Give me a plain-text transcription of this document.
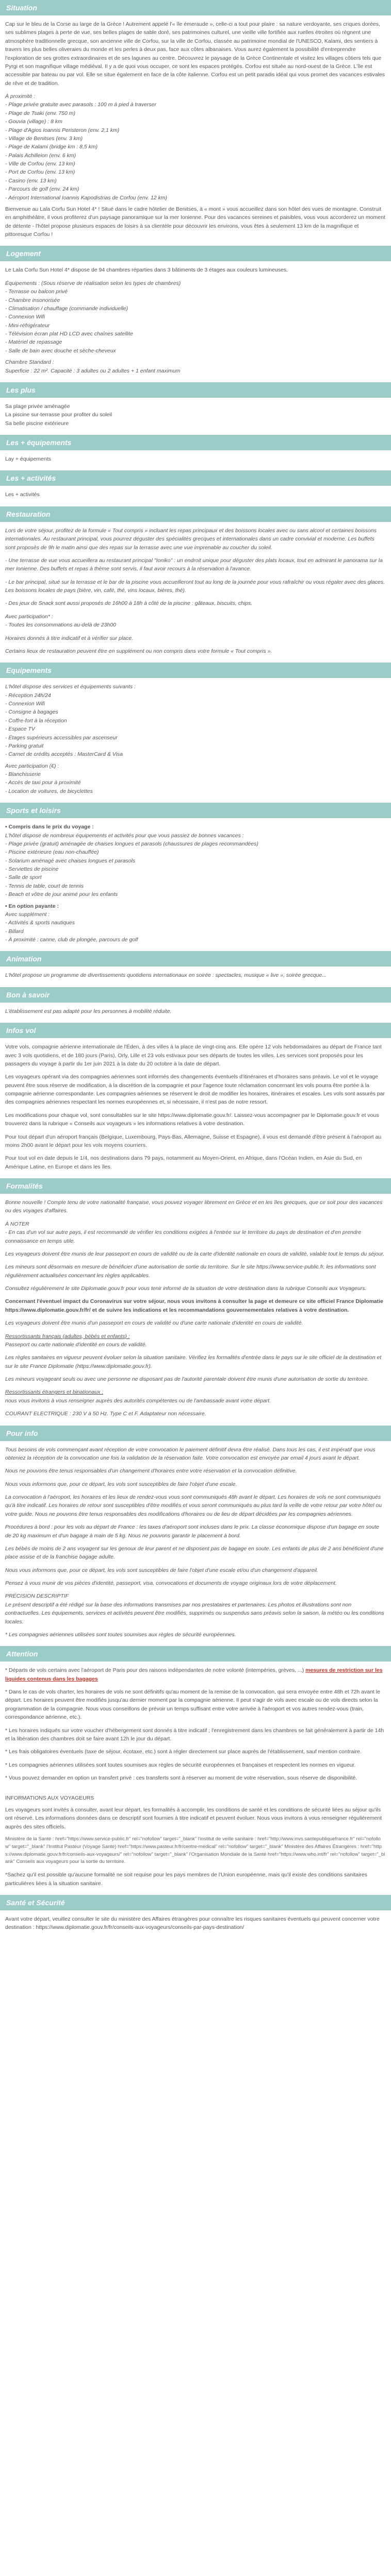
Situation

Cap sur le bleu de la Corse au large de la Grèce ! Autrement appelé l'« île émeraude », celle-ci a tout pour plaire : sa nature verdoyante, ses criques dorées, ses sublimes plages à perte de vue, ses belles plages de sable doré, ses patrimoines culturel, une vieille ville fortifiée aux ruelles étroites où règnent une atmosphère traditionnelle grecque, son ancienne ville de Corfou, sur la ville de Corfou, classée au patrimoine mondial de l'UNESCO, Kalami, des sentiers à travers les plus belles oliveraies du monde et les perles à deux pas, face aux côtes albanaises. Vous aurez également la possibilité d'entreprendre l'exploration de ses grottes extraordinaires et de ses lagunes au centre. Découvrez le paysage de la Grèce Continentale et visitez les villages côtiers tels que Pyrgi et son magnifique village médiéval. Il y a de quoi vous occuper, ce sont les espaces protégés. Corfou est située au nord-ouest de la Grèce. L'île est accessible par bateau ou par vol. Elle se situe également en face de la côte italienne. Corfou est un petit paradis idéal qui vous promet des vacances estivales de rêve et de tradition.

À proximité :
- Plage privée gratuite avec parasols : 100 m à pied à traverser
- Plage de Tsaki (env. 750 m)
- Gouvia (village) : 8 km
- Plage d'Agios Ioannis Peristeron (env. 2,1 km)
- Village de Benitses (env. 3 km)
- Plage de Kalami (bridge km : 8,5 km)
- Palais Achilleion (env. 6 km)
- Ville de Corfou (env. 13 km)
- Port de Corfou (env. 13 km)
- Casino (env. 13 km)
- Parcours de golf (env. 24 km)
- Aéroport International Ioannis Kapodistrias de Corfou (env. 12 km)

Bienvenue au Lala Corfu Sun Hotel 4* ! Situé dans le cadre hôtelier de Benitses, à « mont » vous accueillez dans son hôtel des vues de montagne. Construit en amphithéâtre, il vous profiterez d'un paysage panoramique sur la mer Ionienne. Pour des vacances sereines et paisibles, vous vous accorderez un moment de détente - l'hôtel propose plusieurs espaces de loisirs à sa clientèle pour découvrir les environs, vous êtes à seulement 13 km de la magnifique et pittoresque Corfou !

Logement

Le Lala Corfu Sun Hotel 4* dispose de 94 chambres réparties dans 3 bâtiments de 3 étages aux couleurs lumineuses.

Équipements : (Sous réserve de réalisation selon les types de chambres)
- Terrasse ou balcon privé
- Chambre insonorisée
- Climatisation / chauffage (commande individuelle)
- Connexion Wifi
- Mini-réfrigérateur
- Télévision écran plat HD LCD avec chaînes satellite
- Matériel de repassage
- Salle de bain avec douche et sèche-cheveux
Chambre Standard :
Superficie : 22 m². Capacité : 3 adultes ou 2 adultes + 1 enfant maximum
Les plus
Sa plage privée aménagée
La piscine sur-terrasse pour profiter du soleil
Sa belle piscine extérieure
Les + équipements

Lay + équipements

Les + activités

Les + activités

Restauration

Lors de votre séjour, profitez de la formule « Tout compris » incluant les repas principaux et des boissons locales avec ou sans alcool et certaines boissons internationales. Au restaurant principal, vous pourrez déguster des spécialités grecques et internationales dans un cadre convivial et moderne. Les buffets sont proposés de 9h le matin ainsi que des repas sur la terrasse avec une vue imprenable au coucher du soleil.

- Une terrasse de vue vous accueillera au restaurant principal "Ioniko" : un endroit unique pour déguster des plats locaux, tout en admirant le panorama sur la mer Ionienne. Des buffets et repas à thème sont servis, il faut avoir recours à la réservation à l'avance.

- Le bar principal, situé sur la terrasse et le bar de la piscine vous accueilleront tout au long de la journée pour vous rafraîchir ou vous régaler avec des glaces. Les boissons locales de pays (bière, vin, café, thé, vins locaux, bières, thé).

- Des jeux de Snack sont aussi proposés de 16h00 à 18h à côté de la piscine : gâteaux, biscuits, chips.

Avec participation* :

- Toutes les consommations au-delà de 23h00

Horaires donnés à titre indicatif et à vérifier sur place.

Certains lieux de restauration peuvent être en supplément ou non compris dans votre formule « Tout compris ».

Equipements
L'hôtel dispose des services et équipements suivants :
- Réception 24h/24
- Connexion Wifi
- Consigne à bagages
- Coffre-fort à la réception
- Espace TV
- Étages supérieurs accessibles par ascenseur
- Parking gratuit
- Carnet de crédits acceptés : MasterCard & Visa
Avec participation (€) :
- Blanchisserie
- Accès de taxi pour à proximité
- Location de voitures, de bicyclettes
Sports et loisirs
• Compris dans le prix du voyage :
L'hôtel dispose de nombreux équipements et activités pour que vous passiez de bonnes vacances :
- Plage privée (gratuit) aménagée de chaises longues et parasols (chaussures de plages recommandées)
- Piscine extérieure (eau non-chauffée)
- Solarium aménagé avec chaises longues et parasols
- Serviettes de piscine
- Salle de sport
- Tennis de table, court de tennis
- Beach et vôtre de jour animé pour les enfants
• En option payante :
Avec supplément :
- Activités & sports nautiques
- Billard
- À proximité : canne, club de plongée, parcours de golf
Animation

L'hôtel propose un programme de divertissements quotidiens internationaux en soirée : spectacles, musique « live », soirée grecque...

Bon à savoir

L'établissement est pas adapté pour les personnes à mobilité réduite.

Infos vol

Votre vols, compagnie aérienne internationale de l'Éden, à des villes à la place de vingt-cinq ans. Elle opère 12 vols hebdomadaires au départ de France tant avec 3 vols quotidiens, et de 180 jours (Paris), Orly, Lille et 23 vols estivaux pour ses départs de toutes les villes. Les services sont proposés pour les passagers du voyage à partir du 1er juin 2021 à la date du 20 octobre à la date de départ.

Les voyageurs opérant via des compagnies aériennes sont informés des changements éventuels d'itinéraires et d'horaires sans préavis. Le vol et le voyage peuvent être sous réserve de modification, à la discrétion de la compagnie et pour l'agence toute réclamation concernant les vols pourra être portée à la compagnie aérienne correspondante. Les compagnies aériennes se réservent le droit de modifier les horaires, itinéraires et escales. Les vols sont assurés par des compagnies aériennes respectant les normes européennes et, si nécessaire, il n'est pas de notre ressort.

Les modifications pour chaque vol, sont consultables sur le site https://www.diplomatie.gouv.fr/. Laissez-vous accompagner par le Diplomatie.gouv.fr et vous trouverez dans la rubrique « Conseils aux voyageurs » les informations relatives à votre destination.

Pour tout départ d'un aéroport français (Belgique, Luxembourg, Pays-Bas, Allemagne, Suisse et Espagne), il vous est demandé d'être présent à l'aéroport au moins 2h00 avant le départ pour les vols moyens courriers.

Pour tout vol en date depuis le 1/4, nos destinations dans 79 pays, notamment au Moyen-Orient, en Afrique, dans l'Océan Indien, en Asie du Sud, en Amérique Latine, en Europe et dans les îles.

Formalités

Bonne nouvelle ! Compte tenu de votre nationalité française, vous pouvez voyager librement en Grèce et en les îles grecques, que ce soit pour des vacances ou des voyages d'affaires.

À NOTER

- En cas d'un vol sur autre pays, il est recommandé de vérifier les conditions exigées à l'entrée sur le territoire du pays de destination et d'en prendre connaissance en temps utile.

Les voyageurs doivent être munis de leur passeport en cours de validité ou de la carte d'identité nationale en cours de validité, valable tout le temps du séjour.

Les mineurs sont désormais en mesure de bénéficier d'une autorisation de sortie du territoire. Sur le site https://www.service-public.fr, les informations sont régulièrement actualisées concernant les règles applicables.

Consultez régulièrement le site Diplomatie.gouv.fr pour vous tenir informé de la situation de votre destination dans la rubrique Conseils aux Voyageurs.

Concernant l'éventuel impact du Coronavirus sur votre séjour, nous vous invitons à consulter la page et demeure ce site officiel France Diplomatie https://www.diplomatie.gouv.fr/fr/ et de suivre les indications et les recommandations gouvernementales relatives à votre destination.

Les voyageurs doivent être munis d'un passeport en cours de validité ou d'une carte nationale d'identité en cours de validité.

Ressortissants français (adultes, bébés et enfants) :

Passeport ou carte nationale d'identité en cours de validité.

Les règles sanitaires en vigueur peuvent évoluer selon la situation sanitaire. Vérifiez les formalités d'entrée dans le pays sur le site officiel de la destination et sur le site France Diplomatie (https://www.diplomatie.gouv.fr).

Les mineurs voyageant seuls ou avec une personne ne disposant pas de l'autorité parentale doivent être munis d'une autorisation de sortie du territoire.

Ressortissants étrangers et binationaux :

nous vous invitons à vous renseigner auprès des autorités compétentes ou de l'ambassade avant votre départ.

COURANT ELECTRIQUE : 230 V à 50 Hz. Type C et F. Adaptateur non nécessaire.

Pour info

Tous besoins de vols commençant avant réception de votre convocation le paiement définitif devra être réalisé. Dans tous les cas, il est impératif que vous obteniez la réception de la convocation une fois la validation de la réservation faite. Votre convocation est envoyée par email 4 jours avant le départ.

Nous ne pouvons être tenus responsables d'un changement d'horaires entre votre réservation et la convocation définitive.

Nous vous informons que, pour ce départ, les vols sont susceptibles de faire l'objet d'une escale.

La convocation à l'aéroport, les horaires et les lieux de rendez-vous vous sont communiqués 48h avant le départ. Les horaires de vols ne sont communiqués qu'à titre indicatif. Les horaires de retour sont susceptibles d'être modifiés et vous seront communiqués au plus tard la veille de votre retour par votre hôtel ou votre guide. Nous ne pouvons être tenus responsables des modifications d'horaires ou de lieu de départ décidées par les compagnies aériennes.

Procédures à bord : pour les vols au départ de France : les taxes d'aéroport sont incluses dans le prix. La classe économique dispose d'un bagage en soute de 20 kg maximum et d'un bagage à main de 5 kg. Nous ne pouvons garantir le placement à bord.

Les bébés de moins de 2 ans voyagent sur les genoux de leur parent et ne disposent pas de bagage en soute. Les enfants de plus de 2 ans bénéficient d'une place assise et de la franchise bagage adulte.

Nous vous informons que, pour ce départ, les vols sont susceptibles de faire l'objet d'une escale et/ou d'un changement d'appareil.

Pensez à vous munir de vos pièces d'identité, passeport, visa, convocations et documents de voyage originaux lors de votre déplacement.

PRÉCISION DESCRIPTIF

Le présent descriptif a été rédigé sur la base des informations transmises par nos prestataires et partenaires. Les photos et illustrations sont non contractuelles. Les équipements, services et activités peuvent être modifiés, supprimés ou suspendus sans préavis selon la saison, la météo ou les conditions locales.

* Les compagnies aériennes utilisées sont toutes soumises aux règles de sécurité européennes.

Attention

* Départs de vols certains avec l'aéroport de Paris pour des raisons indépendantes de notre volonté (intempéries, grèves, ...) mesures de restriction sur les liquides contenus dans les bagages

* Dans le cas de vols charter, les horaires de vols ne sont définitifs qu'au moment de la remise de la convocation, qui sera envoyée entre 48h et 72h avant le départ. Les horaires peuvent être modifiés jusqu'au dernier moment par la compagnie aérienne. Il peut s'agir de vols avec escale ou de vols directs selon la programmation de la compagnie. Nous vous conseillons de prévoir un temps suffisant entre votre arrivée à l'aéroport et vos autres rendez-vous (train, correspondance aérienne, etc.).

* Les horaires indiqués sur votre voucher d'hébergement sont donnés à titre indicatif ; l'enregistrement dans les chambres se fait généralement à partir de 14h et la libération des chambres doit se faire avant 12h le jour du départ.

* Les frais obligatoires éventuels (taxe de séjour, écotaxe, etc.) sont à régler directement sur place auprès de l'établissement, sauf mention contraire.

* Les compagnies aériennes utilisées sont toutes soumises aux règles de sécurité européennes et françaises et respectent les normes en vigueur.

* Vous pouvez demander en option un transfert privé : ces transferts sont à réserver au moment de votre réservation, sous réserve de disponibilité.

INFORMATIONS AUX VOYAGEURS

Les voyageurs sont invités à consulter, avant leur départ, les formalités à accomplir, les conditions de santé et les conditions de sécurité liées au séjour qu'ils ont réservé. Les informations données dans ce descriptif sont fournies à titre indicatif et peuvent évoluer. Nous vous invitons à vous renseigner régulièrement auprès des sites officiels.

Ministère de la Santé : href="https://www.service-public.fr" rel="nofollow" target="_blank" l'institut de veille sanitaire : href="http://www.invs.santepubliquefrance.fr" rel="nofollow" target="_blank" l'Institut Pasteur (Voyage Santé) href="https://www.pasteur.fr/fr/centre-medical" rel="nofollow" target="_blank" Ministère des Affaires Étrangères : href="https://www.diplomatie.gouv.fr/fr/conseils-aux-voyageurs/" rel="nofollow" target="_blank" l'Organisation Mondiale de la Santé href="https://www.who.int/fr" rel="nofollow" target="_blank" Conseils aux voyageurs pour la sortie du territoire.

*Sachez qu'il est possible qu'aucune formalité ne soit requise pour les pays membres de l'Union européenne, mais qu'il existe des conditions sanitaires particulières liées à la situation sanitaire.

Santé et Sécurité

Avant votre départ, veuillez consulter le site du ministère des Affaires étrangères pour connaître les risques sanitaires éventuels qui peuvent concerner votre destination : https://www.diplomatie.gouv.fr/fr/conseils-aux-voyageurs/conseils-par-pays-destination/
